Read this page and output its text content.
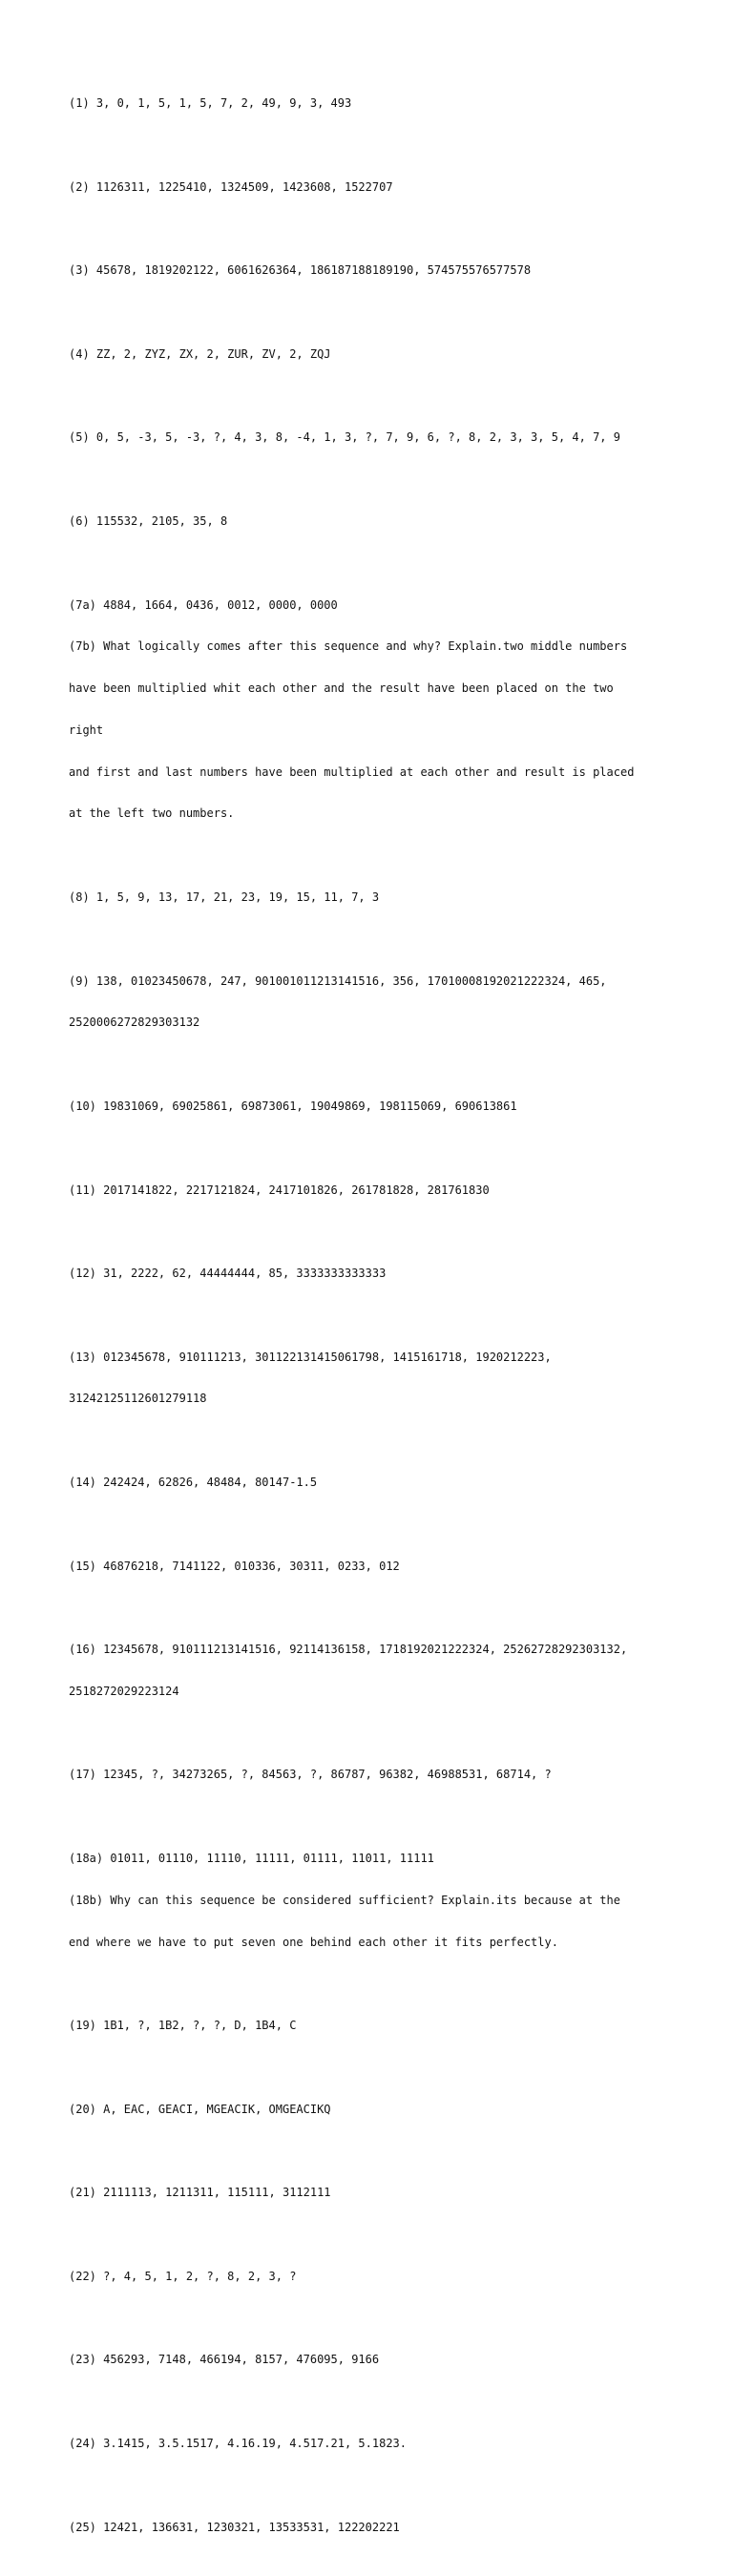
(1) 3, 0, 1, 5, 1, 5, 7, 2, 49, 9, 3, 493

(2) 1126311, 1225410, 1324509, 1423608, 1522707

(3) 45678, 1819202122, 6061626364, 186187188189190, 574575576577578

(4) ZZ, 2, ZYZ, ZX, 2, ZUR, ZV, 2, ZQJ

(5) 0, 5, -3, 5, -3, ?, 4, 3, 8, -4, 1, 3, ?, 7, 9, 6, ?, 8, 2, 3, 3, 5, 4, 7, 9

(6) 115532, 2105, 35, 8

(7a) 4884, 1664, 0436, 0012, 0000, 0000

(7b) What logically comes after this sequence and why? Explain.two middle numbers

have been multiplied whit each other and the result have been placed on the two

right

and first and last numbers have been multiplied at each other and result is placed

at the left two numbers.

(8) 1, 5, 9, 13, 17, 21, 23, 19, 15, 11, 7, 3

(9) 138, 01023450678, 247, 901001011213141516, 356, 17010008192021222324, 465,

2520006272829303132

(10) 19831069, 69025861, 69873061, 19049869, 198115069, 690613861

(11) 2017141822, 2217121824, 2417101826, 261781828, 281761830

(12) 31, 2222, 62, 44444444, 85, 3333333333333

(13) 012345678, 910111213, 301122131415061798, 1415161718, 1920212223,

31242125112601279118

(14) 242424, 62826, 48484, 80147-1.5

(15) 46876218, 7141122, 010336, 30311, 0233, 012

(16) 12345678, 910111213141516, 92114136158, 1718192021222324, 25262728292303132,

2518272029223124

(17) 12345, ?, 34273265, ?, 84563, ?, 86787, 96382, 46988531, 68714, ?

(18a) 01011, 01110, 11110, 11111, 01111, 11011, 11111

(18b) Why can this sequence be considered sufficient? Explain.its because at the

end where we have to put seven one behind each other it fits perfectly.

(19) 1B1, ?, 1B2, ?, ?, D, 1B4, C

(20) A, EAC, GEACI, MGEACIK, OMGEACIKQ

(21) 2111113, 1211311, 115111, 3112111

(22) ?, 4, 5, 1, 2, ?, 8, 2, 3, ?

(23) 456293, 7148, 466194, 8157, 476095, 9166

(24) 3.1415, 3.5.1517, 4.16.19, 4.517.21, 5.1823.

(25) 12421, 136631, 1230321, 13533531, 122202221
